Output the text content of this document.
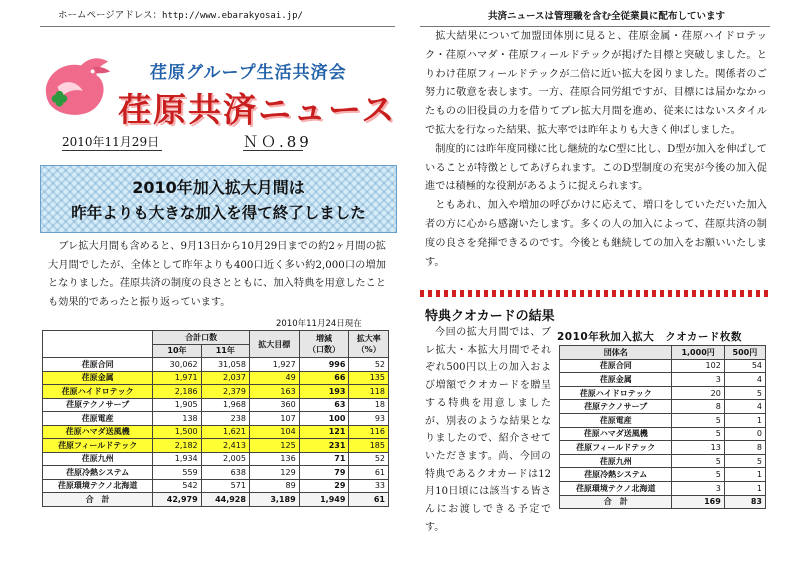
ホームページアドレス：http://www.ebarakyosai.jp/	共済ニュースは管理職を含む全従業員に配布しています
荏原グループ生活共済会
荏原共済ニュース
2010年11月29日	ＮＯ.89
2010年加入拡大月間は
昨年よりも大きな加入を得て終了しました
ブレ拡大月間も含めると、9月13日から10月29日までの約2ヶ月間の拡大月間でしたが、全体として昨年よりも400口近く多い約2,000口の増加となりました。荏原共済の制度の良さとともに、加入特典を用意したことも効果的であったと振り返っています。
2010年11月24日現在
	合計口数		拡大目標	増減
（口数）	拡大率
（%）
	10年	11年			
荏原合同	30,062	31,058	1,927	996	52
荏原金属	1,971	2,037	49	66	135
荏原ハイドロテック	2,186	2,379	163	193	118
荏原テクノサーブ	1,905	1,968	360	63	18
荏原電産	138	238	107	100	93
荏原ハマダ送風機	1,500	1,621	104	121	116
荏原フィールドテック	2,182	2,413	125	231	185
荏原九州	1,934	2,005	136	71	52
荏原冷熱システム	559	638	129	79	61
荏原環境テクノ北海道	542	571	89	29	33
合　計	42,979	44,928	3,189	1,949	61

拡大結果について加盟団体別に見ると、荏原金属・荏原ハイドロテック・荏原ハマダ・荏原フィールドテックが掲げた目標と突破しました。とりわけ荏原フィールドテックが二倍に近い拡大を図りました。関係者のご努力に敬意を表します。一方、荏原合同労組ですが、目標には届かなかったものの旧役員の力を借りてブレ拡大月間を進め、従来にはないスタイルで拡大を行なった結果、拡大率では昨年よりも大きく伸ばしました。

制度的には昨年度同様に比し継続的なC型に比し、D型が加入を伸ばしていることが特徴としてあげられます。このD型制度の充実が今後の加入促進では積極的な役割があるように捉えられます。

ともあれ、加入や増加の呼びかけに応えて、増口をしていただいた加入者の方に心から感謝いたします。多くの人の加入によって、荏原共済の制度の良さを発揮できるのです。今後とも継続しての加入をお願いいたします。

特典クオカードの結果
今回の拡大月間では、ブレ拡大・本拡大月間でそれぞれ500円以上の加入および増額でクオカードを贈呈する特典を用意しましたが、別表のような結果となりましたので、紹介させていただきます。尚、今回の特典であるクオカードは12月10日頃には該当する皆さんにお渡しできる予定です。
2010年秋加入拡大　クオカード枚数
団体名	1,000円	500円
荏原合同	102	54
荏原金属	3	4
荏原ハイドロテック	20	5
荏原テクノサーブ	8	4
荏原電産	5	1
荏原ハマダ送風機	5	0
荏原フィールドテック	13	8
荏原九州	5	5
荏原冷熱システム	5	1
荏原環境テクノ北海道	3	1
合　計	169	83
